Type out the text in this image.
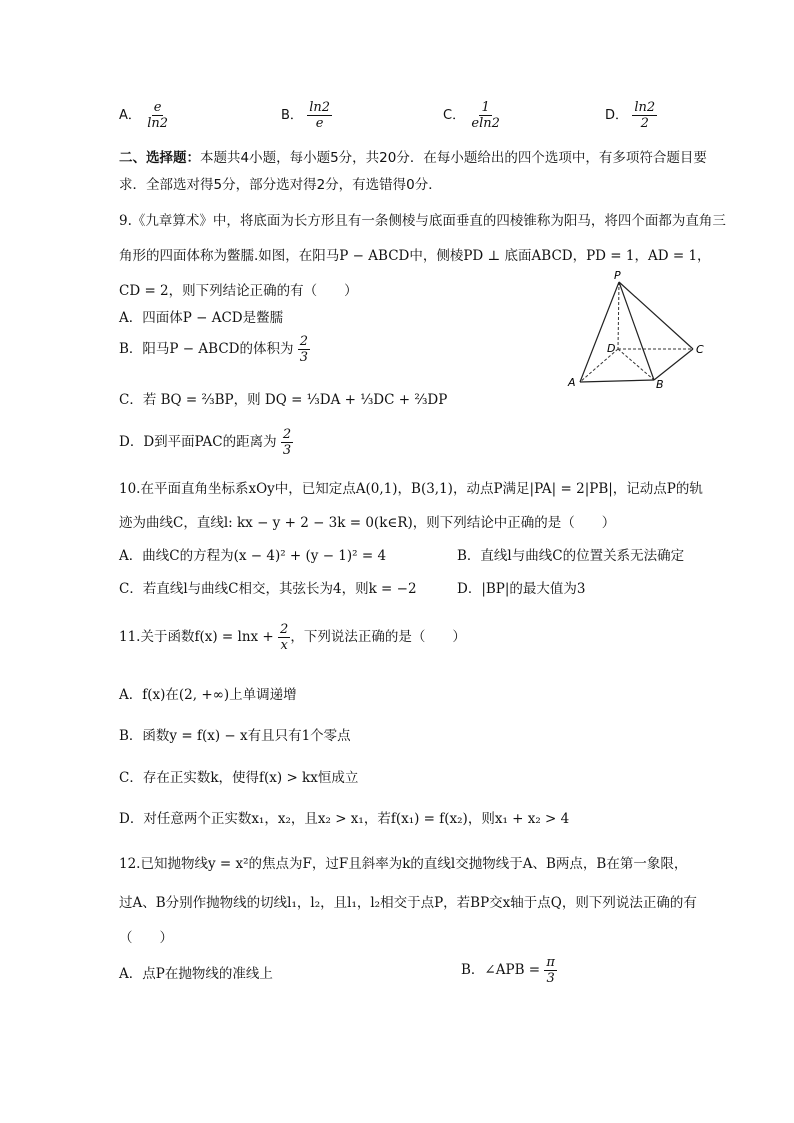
A． $\frac{e}{\ln 2}$	B． $\frac{\ln 2}{e}$	C． $\frac{1}{eln2}$	D． $\frac{\ln 2}{2}$
二、选择题：本题共4小题，每小题5分，共20分．在每小题给出的四个选项中，有多项符合题目要
求．全部选对得5分，部分选对得2分，有选错得0分．
9.《九章算术》中，将底面为长方形且有一条侧棱与底面垂直的四棱锥称为阳马，将四个面都为直角三
角形的四面体称为鳖臑.如图，在阳马P − ABCD中，侧棱PD ⊥ 底面ABCD，PD = 1，AD = 1，
CD = 2，则下列结论正确的有（　　）
A．四面体P − ACD是鳖臑
B．阳马P − ABCD的体积为 $\frac{2}{3}$
C．若 BQ = ⅔BP，则 DQ = ⅓DA + ⅓DC + ⅔DP
D．D到平面PAC的距离为 $\frac{2}{3}$
P
D	C
A	B
10.在平面直角坐标系xOy中，已知定点A(0,1)，B(3,1)，动点P满足|PA| = 2|PB|，记动点P的轨
迹为曲线C，直线l: kx − y + 2 − 3k = 0(k∈R)，则下列结论中正确的是（　　）
A．曲线C的方程为(x − 4)² + (y − 1)² = 4	B．直线l与曲线C的位置关系无法确定
C．若直线l与曲线C相交，其弦长为4，则k = −2	D．|BP|的最大值为3
11.关于函数$f(x) = \ln x + \frac{2}{x}$ ，下列说法正确的是（　　）
A．f(x)在(2, +∞)上单调递增
B．函数y = f(x) − x有且只有1个零点
C．存在正实数k，使得f(x) > kx恒成立
D．对任意两个正实数x₁，x₂，且x₂ > x₁，若f(x₁) = f(x₂)，则x₁ + x₂ > 4
12.已知抛物线y = x²的焦点为F，过F且斜率为k的直线l交抛物线于A、B两点，B在第一象限，
过A、B分别作抛物线的切线l₁，l₂，且l₁，l₂相交于点P，若BP交x轴于点Q，则下列说法正确的有
（　　）
A．点P在抛物线的准线上	B．∠APB = $\frac{\pi}{3}$
